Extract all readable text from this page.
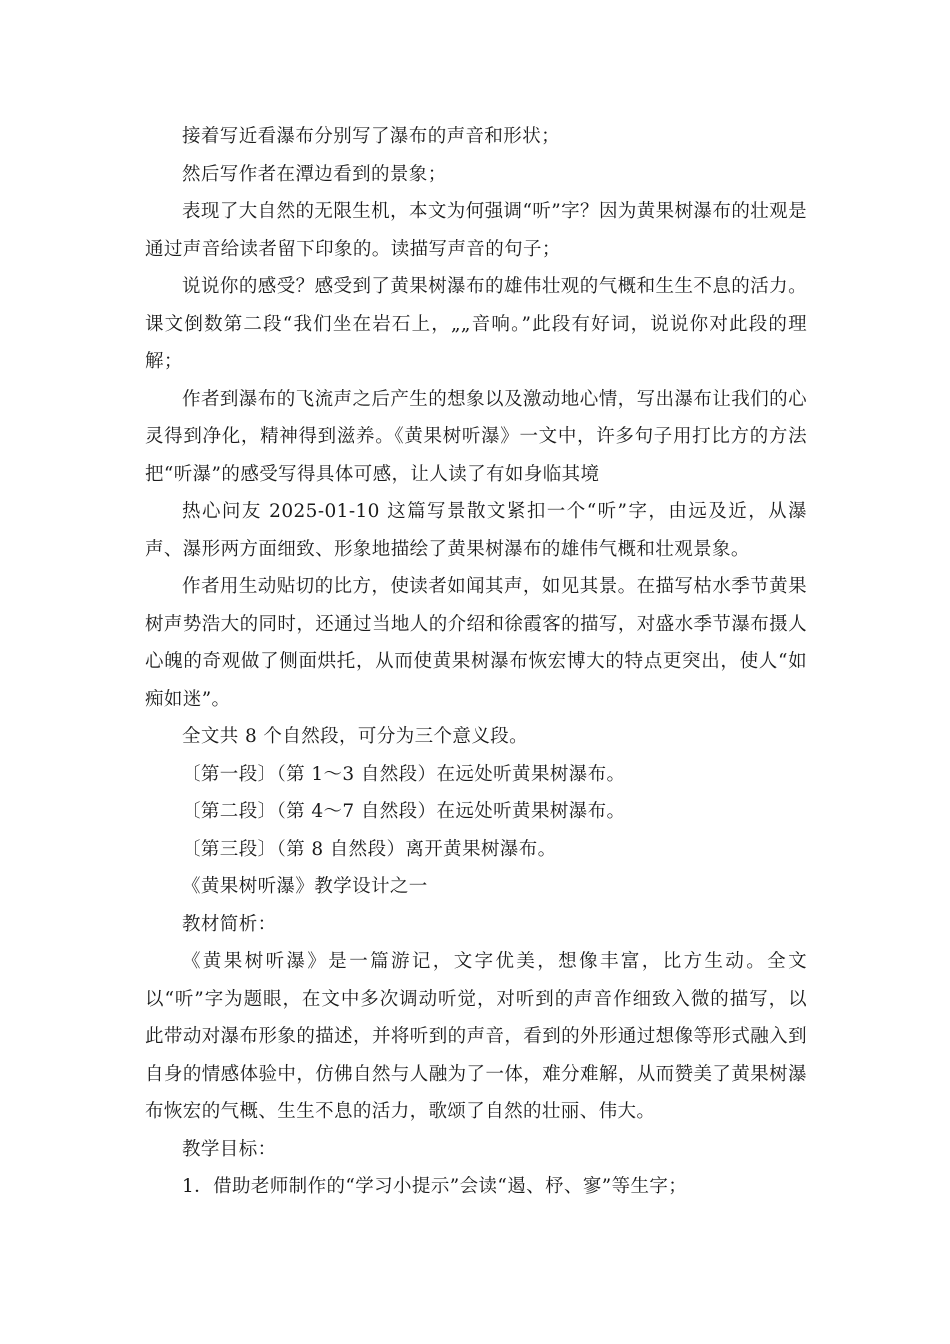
接着写近看瀑布分别写了瀑布的声音和形状；

然后写作者在潭边看到的景象；

表现了大自然的无限生机，本文为何强调“听”字？因为黄果树瀑布的壮观是通过声音给读者留下印象的。读描写声音的句子；

说说你的感受？感受到了黄果树瀑布的雄伟壮观的气概和生生不息的活力。课文倒数第二段“我们坐在岩石上，„„音响。”此段有好词，说说你对此段的理解；

作者到瀑布的飞流声之后产生的想象以及激动地心情，写出瀑布让我们的心灵得到净化，精神得到滋养。《黄果树听瀑》一文中，许多句子用打比方的方法把“听瀑”的感受写得具体可感，让人读了有如身临其境

热心问友 2025-01-10 这篇写景散文紧扣一个“听”字，由远及近，从瀑声、瀑形两方面细致、形象地描绘了黄果树瀑布的雄伟气概和壮观景象。

作者用生动贴切的比方，使读者如闻其声，如见其景。在描写枯水季节黄果树声势浩大的同时，还通过当地人的介绍和徐霞客的描写，对盛水季节瀑布摄人心魄的奇观做了侧面烘托，从而使黄果树瀑布恢宏博大的特点更突出，使人“如痴如迷”。

全文共 8 个自然段，可分为三个意义段。

〔第一段〕（第 1～3 自然段）在远处听黄果树瀑布。

〔第二段〕（第 4～7 自然段）在远处听黄果树瀑布。

〔第三段〕（第 8 自然段）离开黄果树瀑布。

《黄果树听瀑》教学设计之一

教材简析：

《黄果树听瀑》是一篇游记，文字优美，想像丰富，比方生动。全文以“听”字为题眼，在文中多次调动听觉，对听到的声音作细致入微的描写，以此带动对瀑布形象的描述，并将听到的声音，看到的外形通过想像等形式融入到自身的情感体验中，仿佛自然与人融为了一体，难分难解，从而赞美了黄果树瀑布恢宏的气概、生生不息的活力，歌颂了自然的壮丽、伟大。

教学目标：

1．借助老师制作的“学习小提示”会读“遏、杼、寥”等生字；
